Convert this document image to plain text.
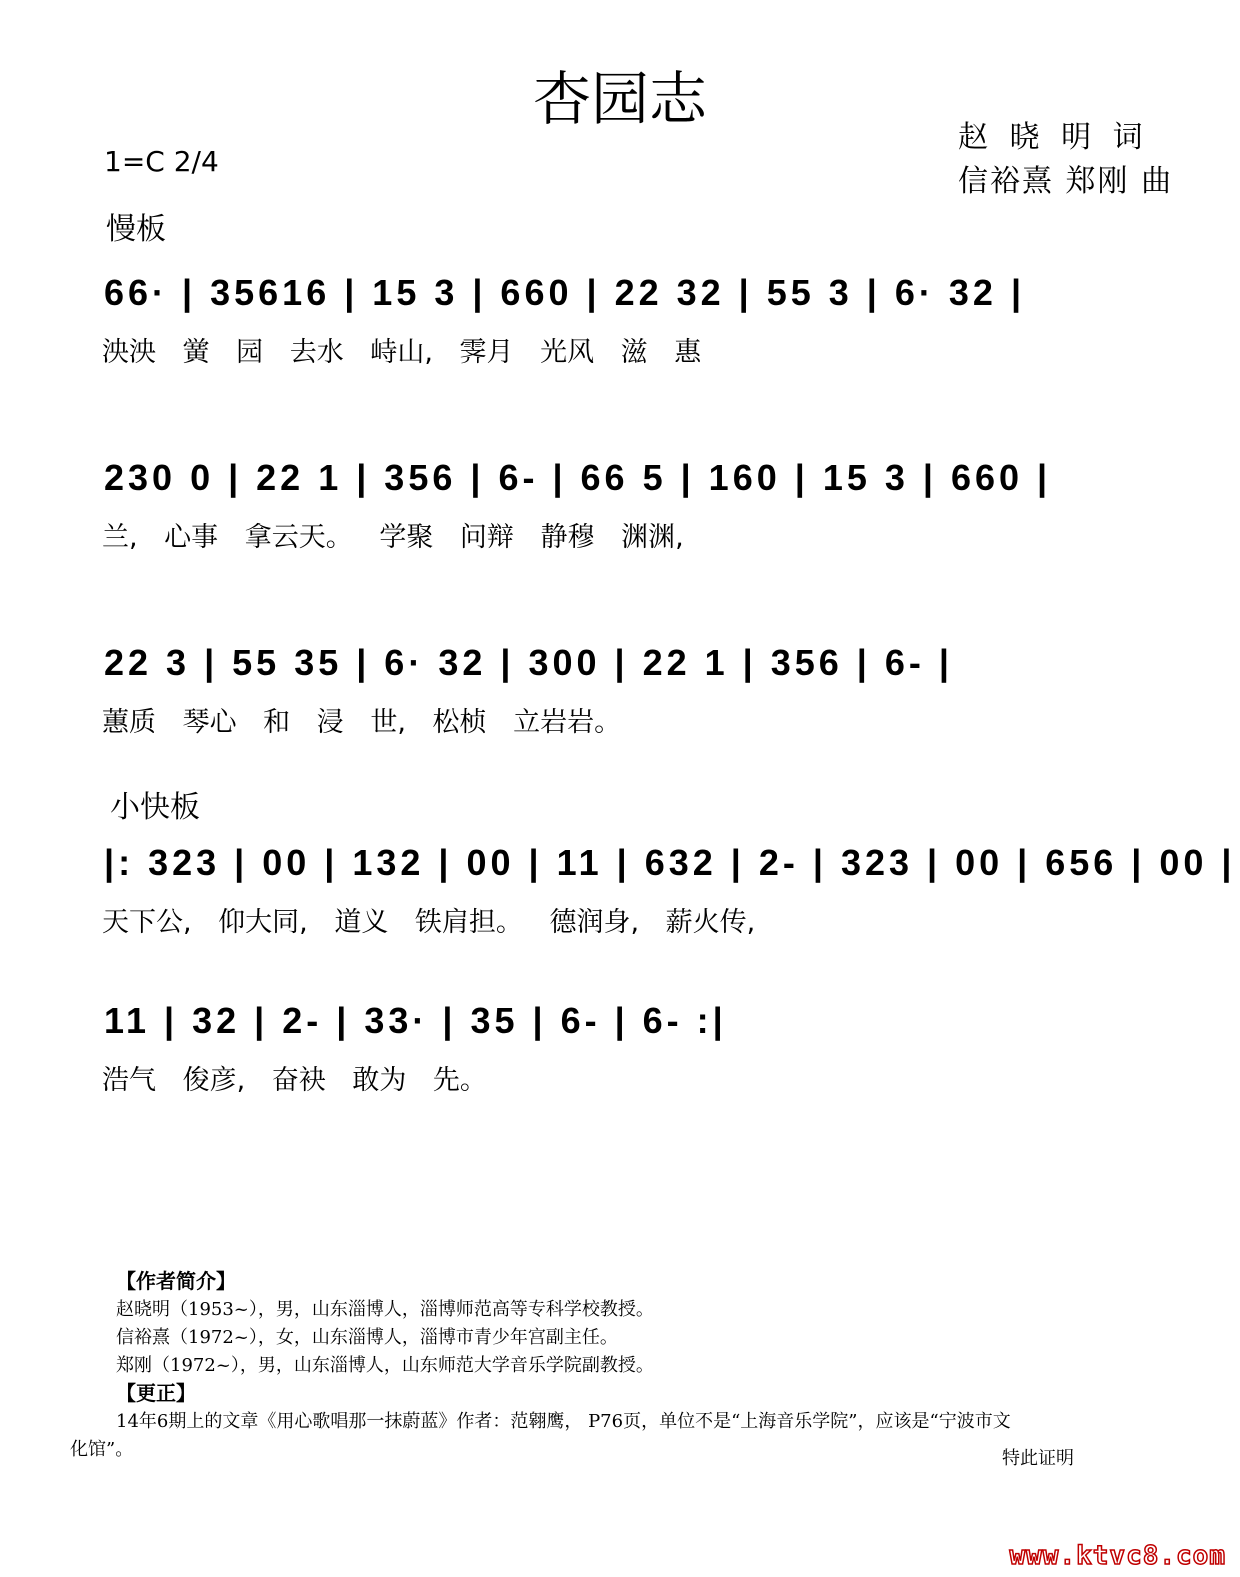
杏园志
赵 晓 明 词
信裕熹 郑刚 曲
1=C 2/4
慢板
66· | 35616 | 15 3 | 660 | 22 32 | 55 3 | 6· 32 |
泱泱 黉 园 去水 峙山, 霁月 光风 滋 惠
230 0 | 22 1 | 356 | 6- | 66 5 | 160 | 15 3 | 660 |
兰, 心事 拿云天。 学聚 问辩 静穆 渊渊,
22 3 | 55 35 | 6· 32 | 300 | 22 1 | 356 | 6- |
蕙质 琴心 和 浸 世, 松桢 立岩岩。
小快板
|: 323 | 00 | 132 | 00 | 11 | 632 | 2- | 323 | 00 | 656 | 00 |
天下公, 仰大同, 道义 铁肩担。 德润身, 薪火传,
11 | 32 | 2- | 33· | 35 | 6- | 6- :|
浩气 俊彦, 奋袂 敢为 先。
【作者简介】
赵晓明（1953~），男，山东淄博人，淄博师范高等专科学校教授。
信裕熹（1972~），女，山东淄博人，淄博市青少年宫副主任。
郑刚（1972~），男，山东淄博人，山东师范大学音乐学院副教授。
【更正】
14年6期上的文章《用心歌唱那一抹蔚蓝》作者：范翱鹰， P76页，单位不是“上海音乐学院”，应该是“宁波市文
化馆”。	特此证明
www.ktvc8.com
